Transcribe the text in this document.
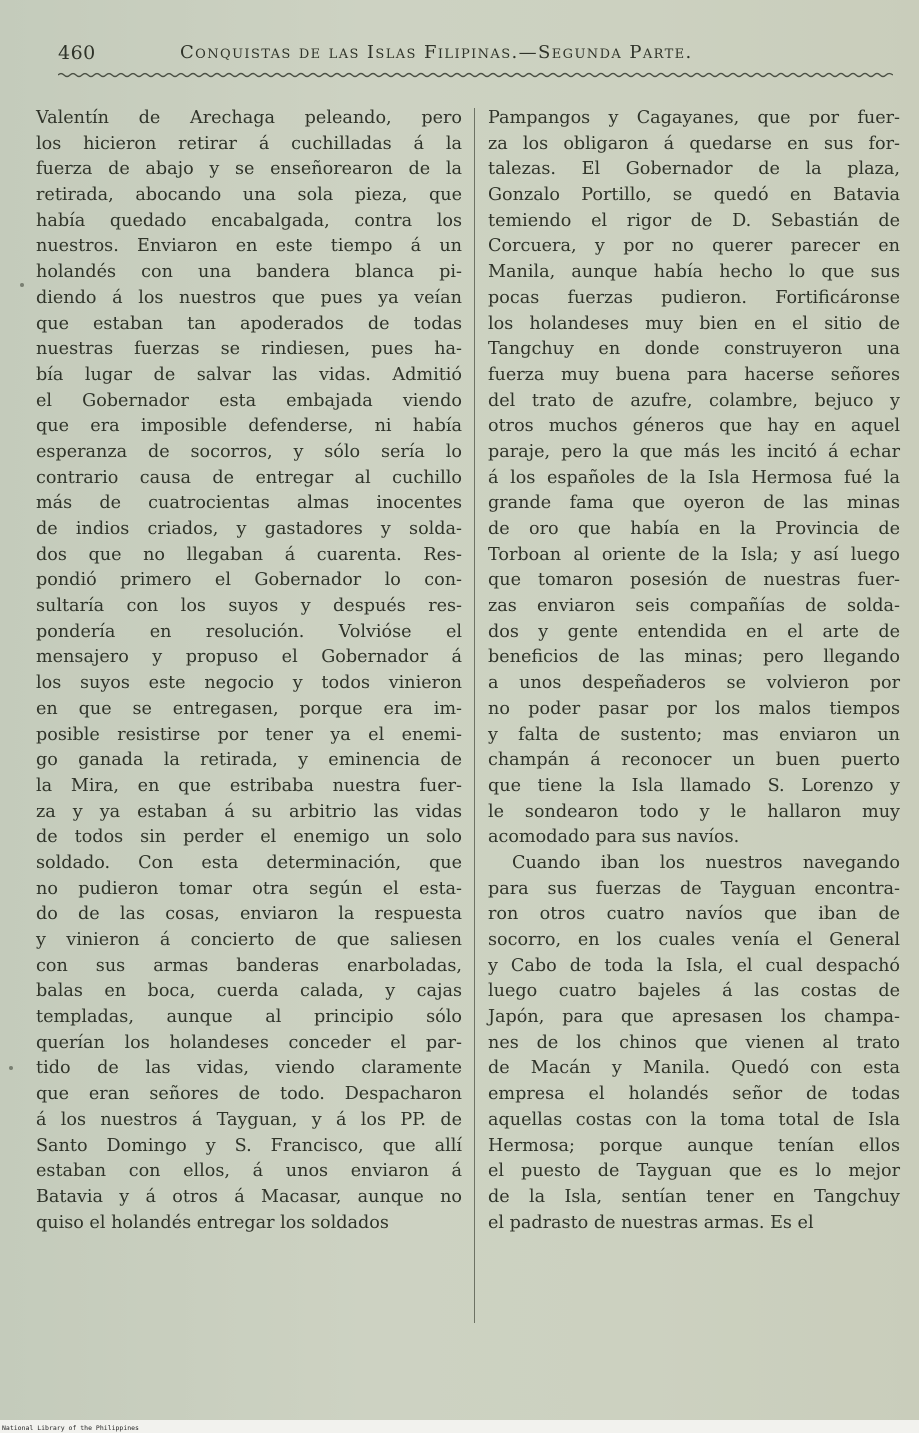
460	Conquistas de las Islas Filipinas.—Segunda Parte.
Valentín de Arechaga peleando, pero
los hicieron retirar á cuchilladas á la
fuerza de abajo y se enseñorearon de la
retirada, abocando una sola pieza, que
había quedado encabalgada, contra los
nuestros. Enviaron en este tiempo á un
holandés con una bandera blanca pi-
diendo á los nuestros que pues ya veían
que estaban tan apoderados de todas
nuestras fuerzas se rindiesen, pues ha-
bía lugar de salvar las vidas. Admitió
el Gobernador esta embajada viendo
que era imposible defenderse, ni había
esperanza de socorros, y sólo sería lo
contrario causa de entregar al cuchillo
más de cuatrocientas almas inocentes
de indios criados, y gastadores y solda-
dos que no llegaban á cuarenta. Res-
pondió primero el Gobernador lo con-
sultaría con los suyos y después res-
pondería en resolución. Volvióse el
mensajero y propuso el Gobernador á
los suyos este negocio y todos vinieron
en que se entregasen, porque era im-
posible resistirse por tener ya el enemi-
go ganada la retirada, y eminencia de
la Mira, en que estribaba nuestra fuer-
za y ya estaban á su arbitrio las vidas
de todos sin perder el enemigo un solo
soldado. Con esta determinación, que
no pudieron tomar otra según el esta-
do de las cosas, enviaron la respuesta
y vinieron á concierto de que saliesen
con sus armas banderas enarboladas,
balas en boca, cuerda calada, y cajas
templadas, aunque al principio sólo
querían los holandeses conceder el par-
tido de las vidas, viendo claramente
que eran señores de todo. Despacharon
á los nuestros á Tayguan, y á los PP. de
Santo Domingo y S. Francisco, que allí
estaban con ellos, á unos enviaron á
Batavia y á otros á Macasar, aunque no
quiso el holandés entregar los soldados
Pampangos y Cagayanes, que por fuer-
za los obligaron á quedarse en sus for-
talezas. El Gobernador de la plaza,
Gonzalo Portillo, se quedó en Batavia
temiendo el rigor de D. Sebastián de
Corcuera, y por no querer parecer en
Manila, aunque había hecho lo que sus
pocas fuerzas pudieron. Fortificáronse
los holandeses muy bien en el sitio de
Tangchuy en donde construyeron una
fuerza muy buena para hacerse señores
del trato de azufre, colambre, bejuco y
otros muchos géneros que hay en aquel
paraje, pero la que más les incitó á echar
á los españoles de la Isla Hermosa fué la
grande fama que oyeron de las minas
de oro que había en la Provincia de
Torboan al oriente de la Isla; y así luego
que tomaron posesión de nuestras fuer-
zas enviaron seis compañías de solda-
dos y gente entendida en el arte de
beneficios de las minas; pero llegando
a unos despeñaderos se volvieron por
no poder pasar por los malos tiempos
y falta de sustento; mas enviaron un
champán á reconocer un buen puerto
que tiene la Isla llamado S. Lorenzo y
le sondearon todo y le hallaron muy
acomodado para sus navíos.
Cuando iban los nuestros navegando
para sus fuerzas de Tayguan encontra-
ron otros cuatro navíos que iban de
socorro, en los cuales venía el General
y Cabo de toda la Isla, el cual despachó
luego cuatro bajeles á las costas de
Japón, para que apresasen los champa-
nes de los chinos que vienen al trato
de Macán y Manila. Quedó con esta
empresa el holandés señor de todas
aquellas costas con la toma total de Isla
Hermosa; porque aunque tenían ellos
el puesto de Tayguan que es lo mejor
de la Isla, sentían tener en Tangchuy
el padrasto de nuestras armas. Es el
National Library of the Philippines
